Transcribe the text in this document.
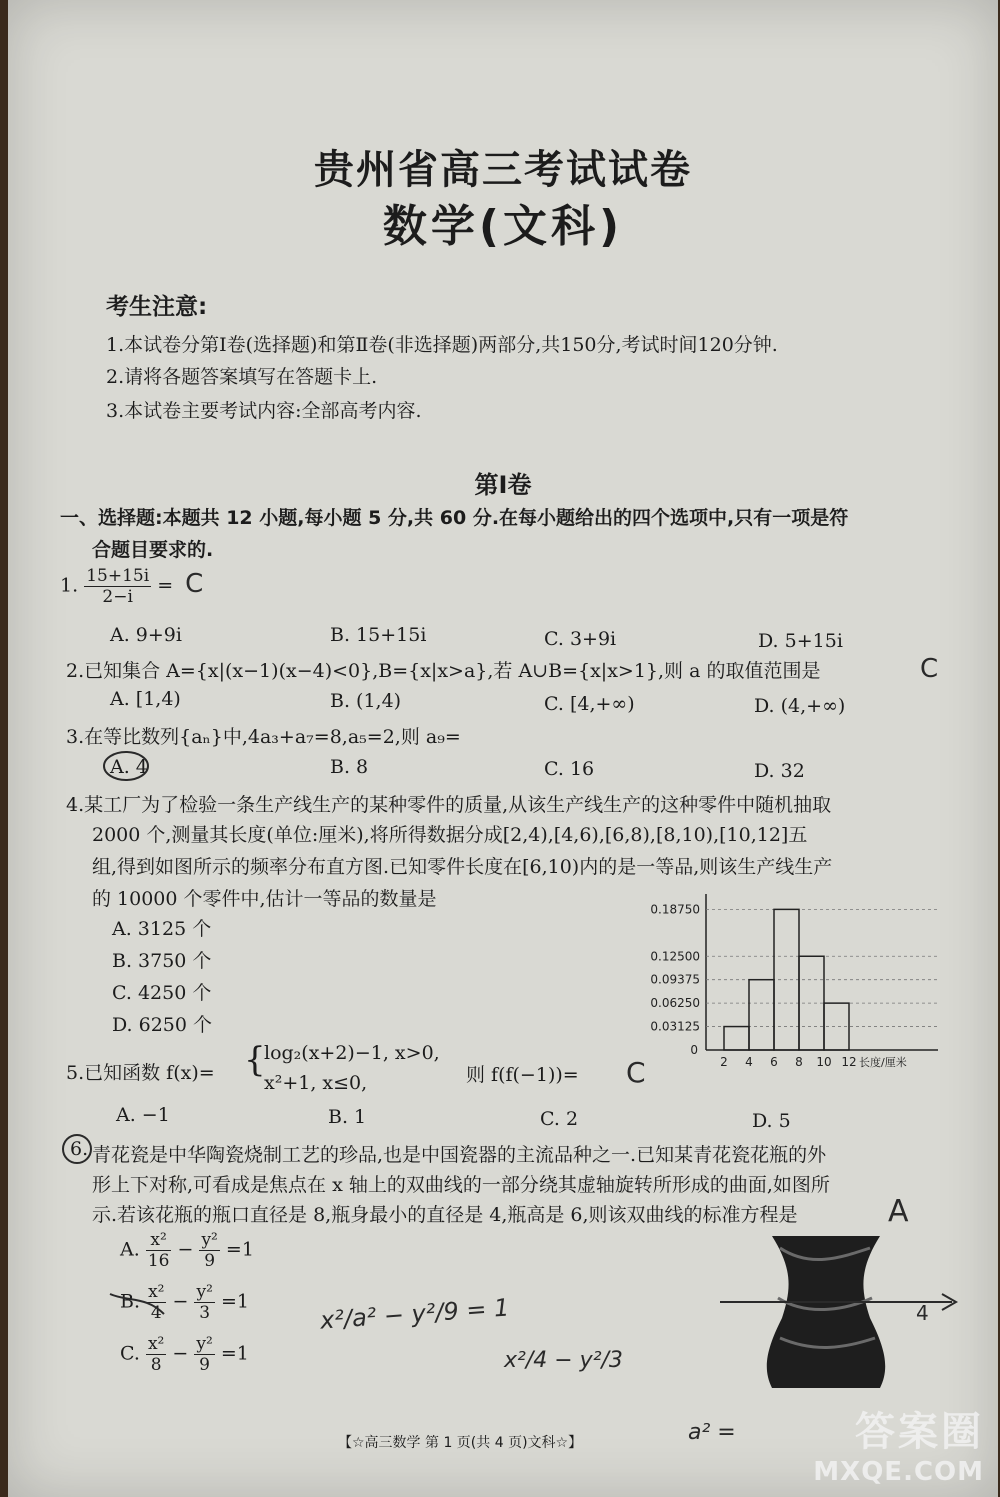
贵州省高三考试试卷
数学(文科)
考生注意:
1.本试卷分第Ⅰ卷(选择题)和第Ⅱ卷(非选择题)两部分,共150分,考试时间120分钟.
2.请将各题答案填写在答题卡上.
3.本试卷主要考试内容:全部高考内容.
第Ⅰ卷
一、选择题:本题共 12 小题,每小题 5 分,共 60 分.在每小题给出的四个选项中,只有一项是符
合题目要求的.
1. $\frac{15+15i}{2-i} = C$
A. 9+9i	B. 15+15i	C. 3+9i	D. 5+15i
2.已知集合 A={x|(x−1)(x−4)<0},B={x|x>a},若 A∪B={x|x>1},则 a 的取值范围是	C
A. [1,4)	B. (1,4)	C. [4,+∞)	D. (4,+∞)
3.在等比数列{aₙ}中,4a₃+a₇=8,a₅=2,则 a₉=
A. 4	B. 8	C. 16	D. 32
4.某工厂为了检验一条生产线生产的某种零件的质量,从该生产线生产的这种零件中随机抽取
2000 个,测量其长度(单位:厘米),将所得数据分成[2,4),[4,6),[6,8),[8,10),[10,12]五
组,得到如图所示的频率分布直方图.已知零件长度在[6,10)内的是一等品,则该生产线生产
的 10000 个零件中,估计一等品的数量是
A. 3125 个
B. 3750 个
C. 4250 个
D. 6250 个
0.18750
0.12500
0.09375
0.06250
0.03125
0
2 4 6 8 10 12 长度/厘米
5.已知函数 f(x)= {
log₂(x+2)−1, x>0,
x²+1, x≤0,	则 f(f(−1))= C
A. −1	B. 1	C. 2	D. 5
6. 青花瓷是中华陶瓷烧制工艺的珍品,也是中国瓷器的主流品种之一.已知某青花瓷花瓶的外
形上下对称,可看成是焦点在 x 轴上的双曲线的一部分绕其虚轴旋转所形成的曲面,如图所
示.若该花瓶的瓶口直径是 8,瓶身最小的直径是 4,瓶高是 6,则该双曲线的标准方程是	A
A. $\frac{\text{x²}}{16} - \frac{\text{y²}}{9} =1$
B. $\frac{\text{x²}}{4} - \frac{\text{y²}}{3} =1$
C. $\frac{\text{x²}}{8} - \frac{\text{y²}}{9} =1$
x²/a² − y²/9 = 1
x²/4 − y²/3
a² =
4
【☆高三数学 第 1 页(共 4 页)文科☆】	答案圈
MXQE.COM
